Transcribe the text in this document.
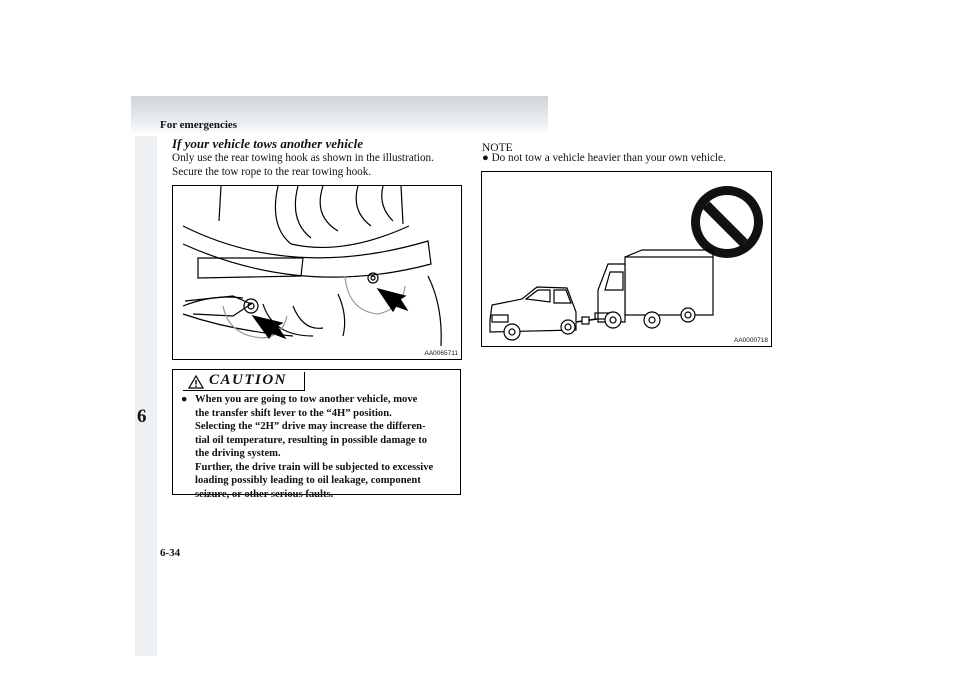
For emergencies
6
6-34
If your vehicle tows another vehicle
Only use the rear towing hook as shown in the illustration.
Secure the tow rope to the rear towing hook.
AA0065711
CAUTION
● When you are going to tow another vehicle, move
the transfer shift lever to the “4H” position.
Selecting the “2H” drive may increase the differen-
tial oil temperature, resulting in possible damage to
the driving system.
Further, the drive train will be subjected to excessive
loading possibly leading to oil leakage, component
seizure, or other serious faults.
NOTE
● Do not tow a vehicle heavier than your own vehicle.
AA0000718
